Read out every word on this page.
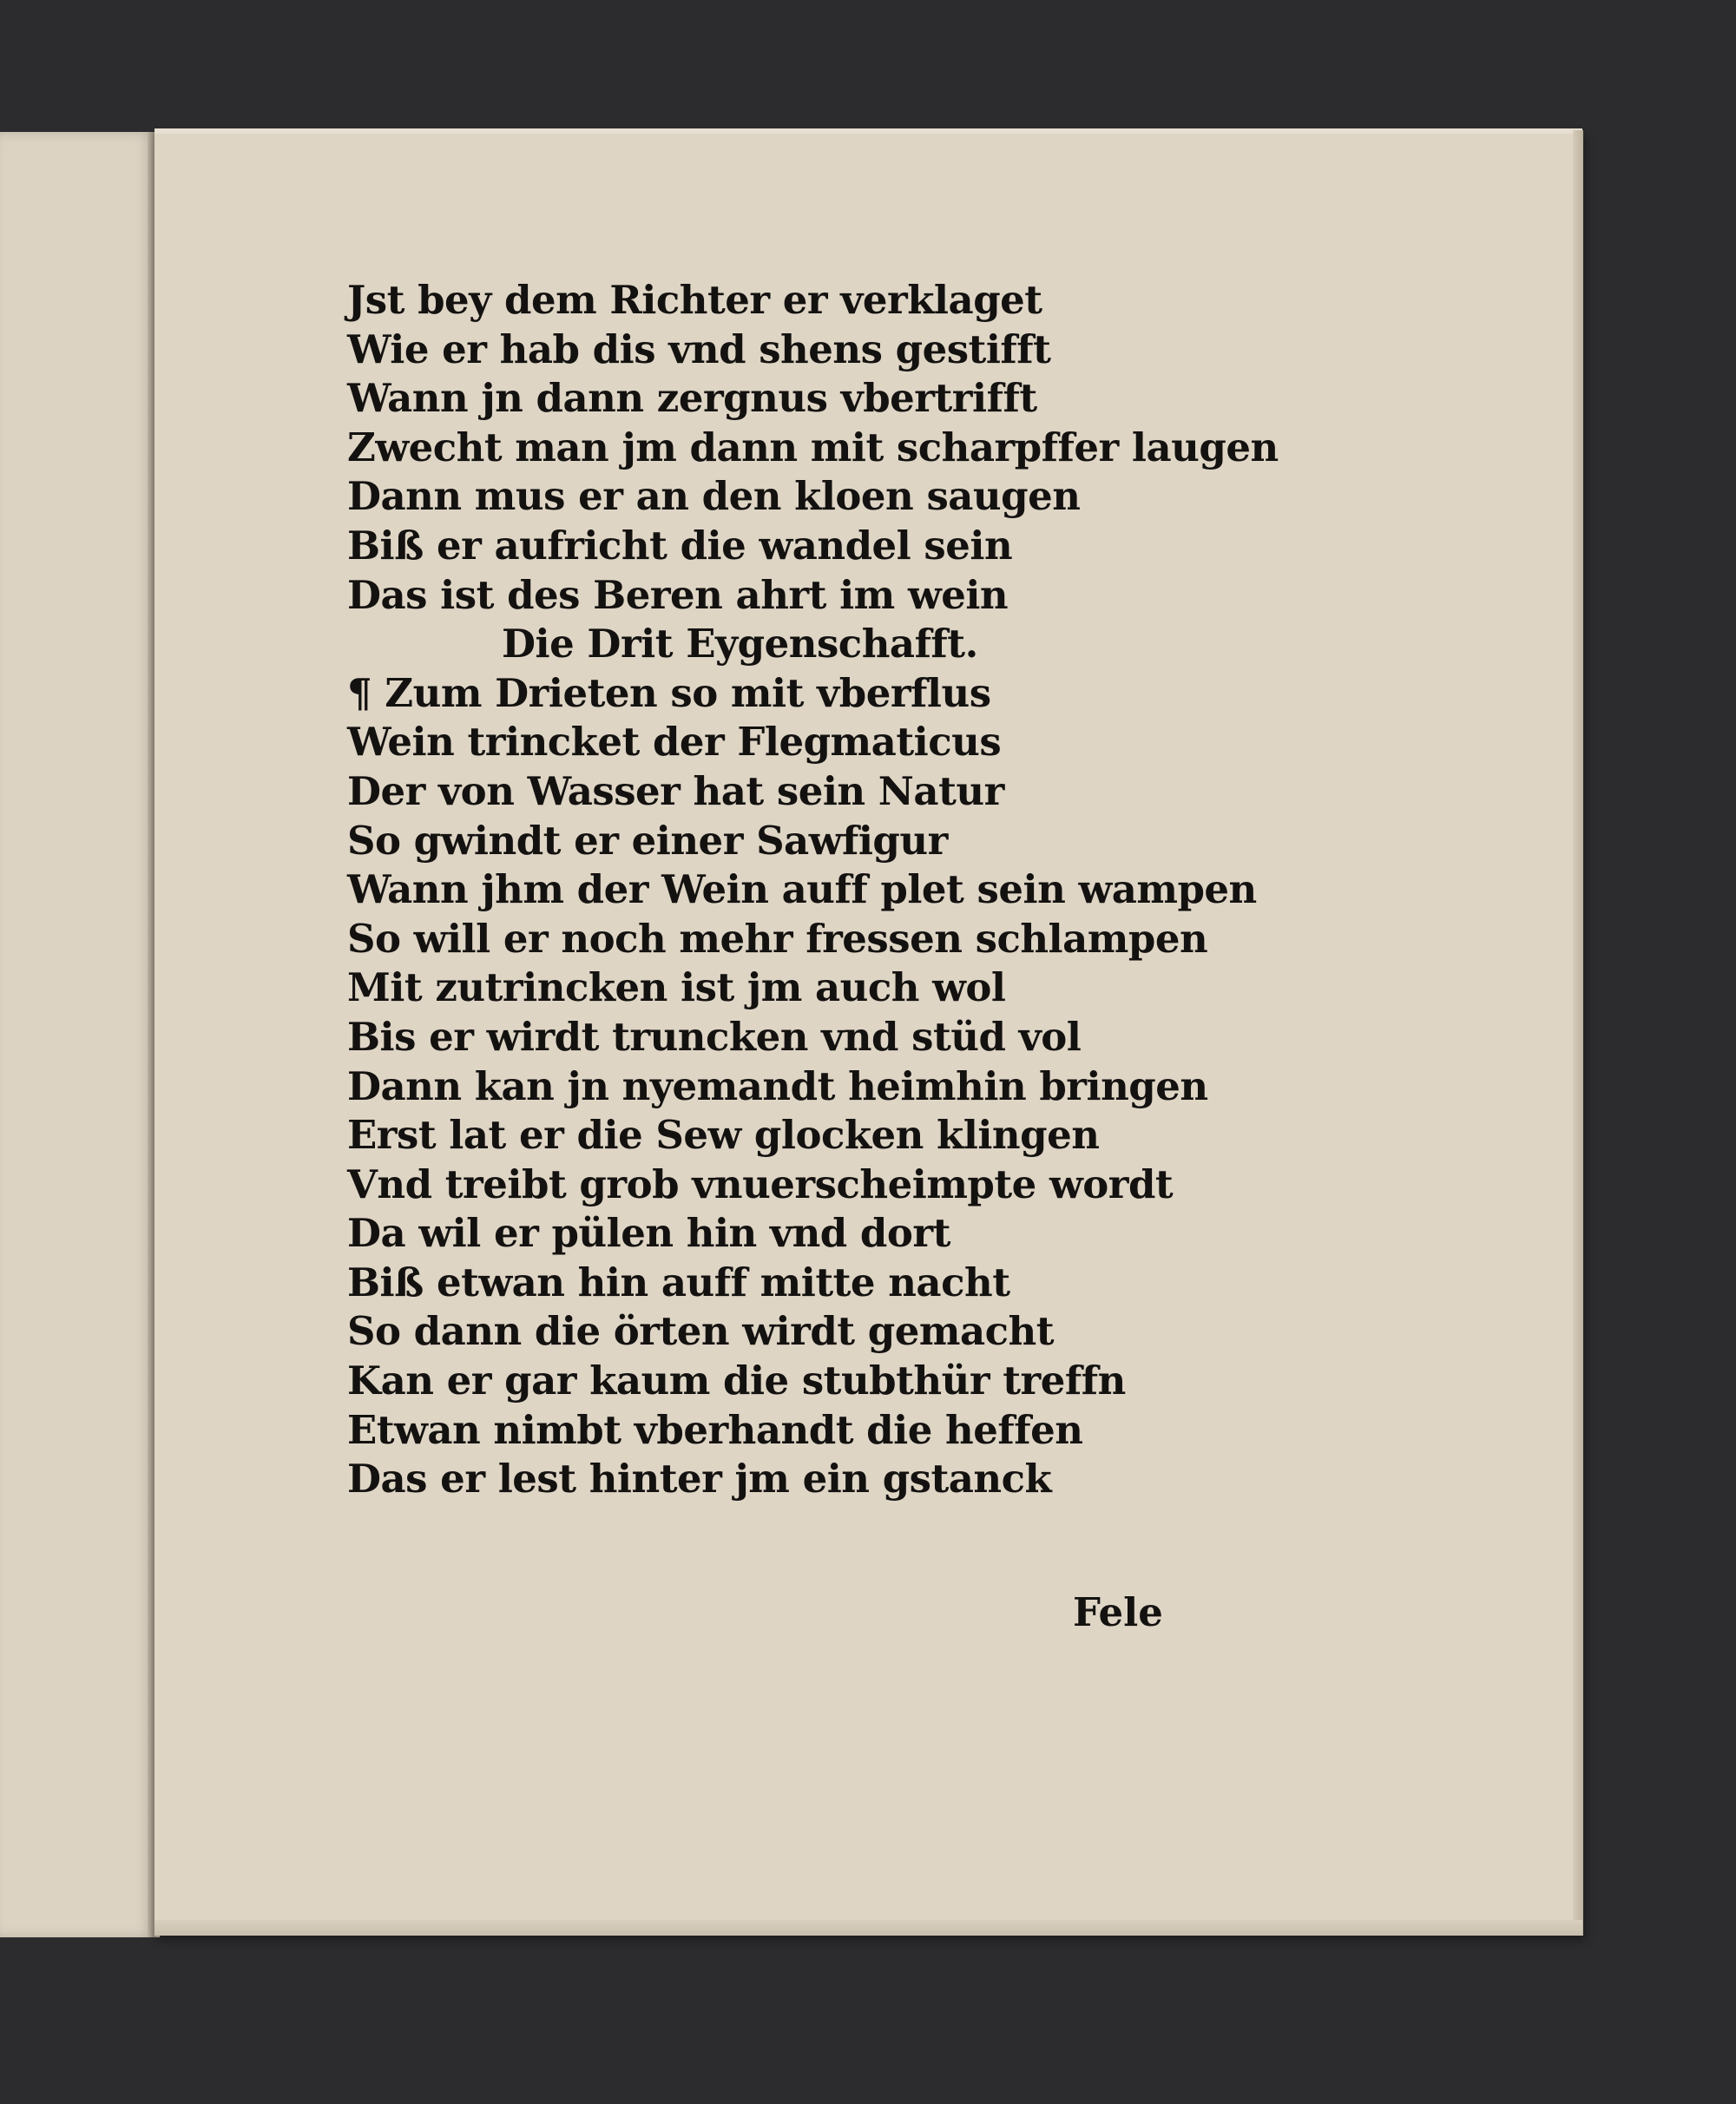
Jst bey dem Richter er verklaget
Wie er hab dis vnd shens gestifft
Wann jn dann zergnus vbertrifft
Zwecht man jm dann mit scharpffer laugen
Dann mus er an den kloen saugen
Biß er aufricht die wandel sein
Das ist des Beren ahrt im wein
Die Drit Eygenschafft.
¶ Zum Drieten so mit vberflus
Wein trincket der Flegmaticus
Der von Wasser hat sein Natur
So gwindt er einer Sawfigur
Wann jhm der Wein auff plet sein wampen
So will er noch mehr fressen schlampen
Mit zutrincken ist jm auch wol
Bis er wirdt truncken vnd stüd vol
Dann kan jn nyemandt heimhin bringen
Erst lat er die Sew glocken klingen
Vnd treibt grob vnuerscheimpte wordt
Da wil er pülen hin vnd dort
Biß etwan hin auff mitte nacht
So dann die örten wirdt gemacht
Kan er gar kaum die stubthür treffn
Etwan nimbt vberhandt die heffen
Das er lest hinter jm ein gstanck
Fele
